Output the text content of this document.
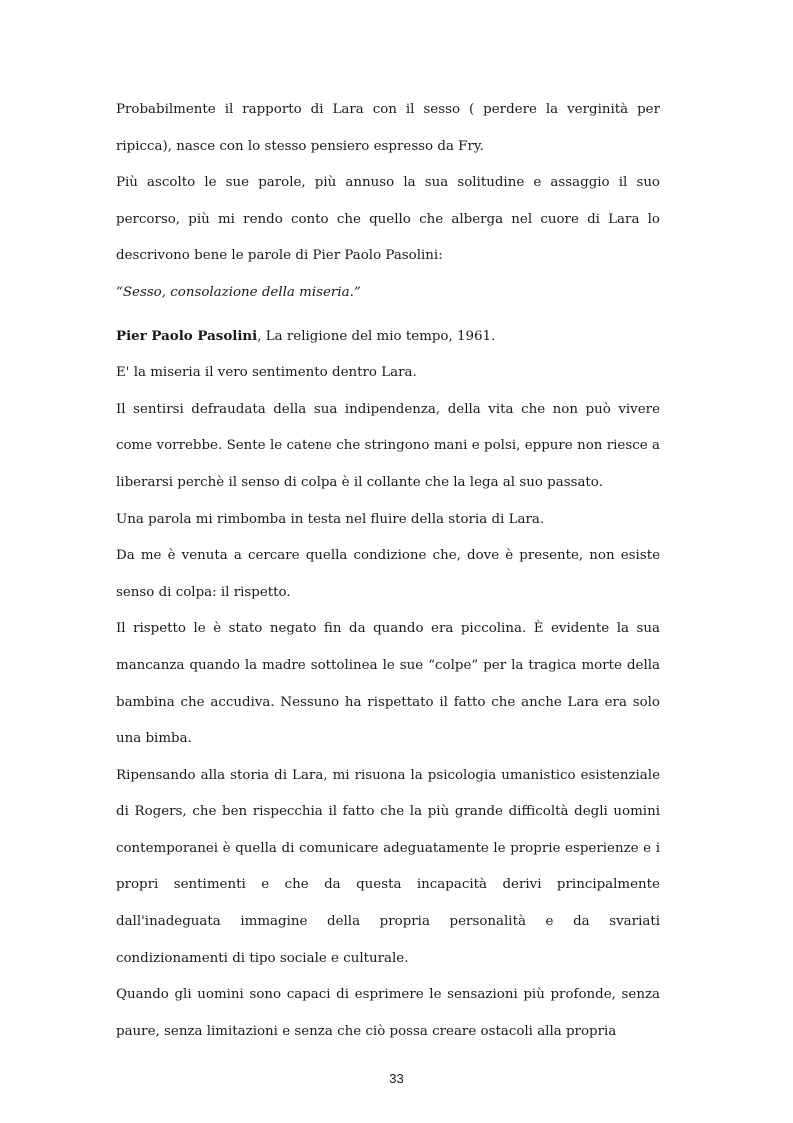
Probabilmente il rapporto di Lara con il sesso ( perdere la verginità per ripicca), nasce con lo stesso pensiero espresso da Fry.

Più ascolto le sue parole, più annuso la sua solitudine e assaggio il suo percorso, più mi rendo conto che quello che alberga nel cuore di Lara lo descrivono bene le parole di Pier Paolo Pasolini:

“Sesso, consolazione della miseria.”

Pier Paolo Pasolini, La religione del mio tempo, 1961.

E' la miseria il vero sentimento dentro Lara.

Il sentirsi defraudata della sua indipendenza, della vita che non può vivere come vorrebbe. Sente le catene che stringono mani e polsi, eppure non riesce a liberarsi perchè il senso di colpa è il collante che la lega al suo passato.

Una parola mi rimbomba in testa nel fluire della storia di Lara.

Da me è venuta a cercare quella condizione che, dove è presente, non esiste senso di colpa: il rispetto.

Il rispetto le è stato negato fin da quando era piccolina. È evidente la sua mancanza quando la madre sottolinea le sue “colpe” per la tragica morte della bambina che accudiva. Nessuno ha rispettato il fatto che anche Lara era solo una bimba.

Ripensando alla storia di Lara, mi risuona la psicologia umanistico esistenziale di Rogers, che ben rispecchia il fatto che la più grande difficoltà degli uomini contemporanei è quella di comunicare adeguatamente le proprie esperienze e i propri sentimenti e che da questa incapacità derivi principalmente dall'inadeguata immagine della propria personalità e da svariati condizionamenti di tipo sociale e culturale.

Quando gli uomini sono capaci di esprimere le sensazioni più profonde, senza paure, senza limitazioni e senza che ciò possa creare ostacoli alla propria

33
